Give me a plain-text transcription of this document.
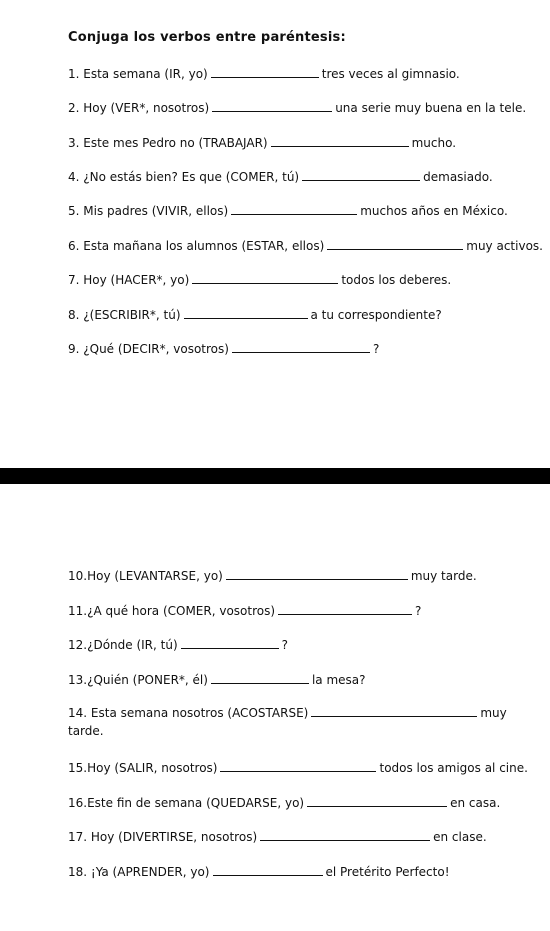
Conjuga los verbos entre paréntesis:
1. Esta semana (IR, yo)	tres veces al gimnasio.
2. Hoy (VER*, nosotros)	una serie muy buena en la tele.
3. Este mes Pedro no (TRABAJAR)	mucho.
4. ¿No estás bien? Es que (COMER, tú)	demasiado.
5. Mis padres (VIVIR, ellos)	muchos años en México.
6. Esta mañana los alumnos (ESTAR, ellos)	muy activos.
7. Hoy (HACER*, yo)	todos los deberes.
8. ¿(ESCRIBIR*, tú)	a tu correspondiente?
9. ¿Qué (DECIR*, vosotros)	?
10.Hoy (LEVANTARSE, yo)	muy tarde.
11.¿A qué hora (COMER, vosotros)	?
12.¿Dónde (IR, tú)	?
13.¿Quién (PONER*, él)	la mesa?
14. Esta semana nosotros (ACOSTARSE)	muy tarde.
15.Hoy (SALIR, nosotros)	todos los amigos al cine.
16.Este fin de semana (QUEDARSE, yo)	en casa.
17. Hoy (DIVERTIRSE, nosotros)	en clase.
18. ¡Ya (APRENDER, yo)	el Pretérito Perfecto!
